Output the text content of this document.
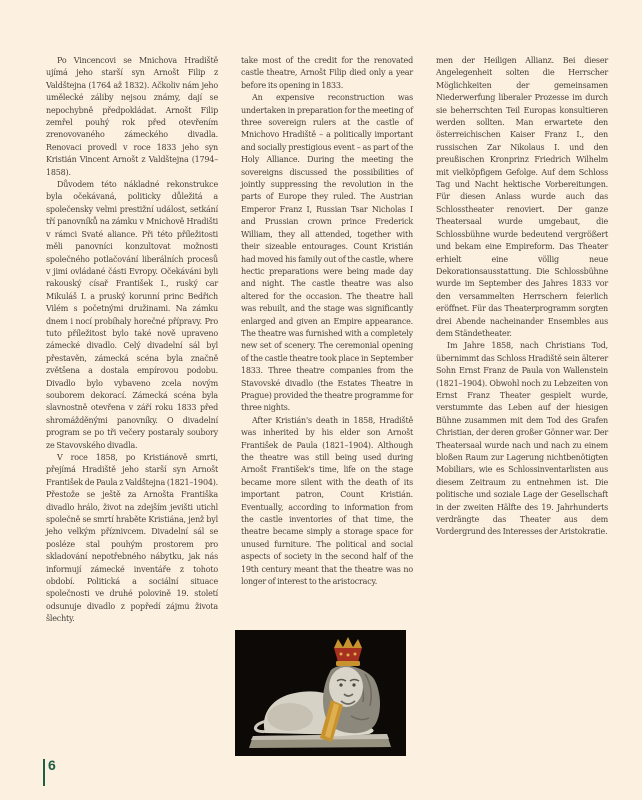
Po Vincencovi se Mnichova Hradiště ujímá jeho starší syn Arnošt Filip z Valdštejna (1764 až 1832). Ačkoliv nám jeho umělecké záliby nejsou známy, dají se nepochybně předpokládat. Arnošt Filip zemřel pouhý rok před otevřením zrenovovaného zámeckého divadla. Renovaci provedl v roce 1833 jeho syn Kristián Vincent Arnošt z Valdštejna (1794–1858).

Důvodem této nákladné rekonstrukce byla očekávaná, politicky důležitá a společensky velmi prestižní událost, setkání tří panovníků na zámku v Mnichově Hradišti v rámci Svaté aliance. Při této příležitosti měli panovníci konzultovat možnosti společného potlačování liberálních procesů v jimi ovládané části Evropy. Očekáváni byli rakouský císař František I., ruský car Mikuláš I. a pruský korunní princ Bedřich Vilém s početnými družinami. Na zámku dnem i nocí probíhaly horečné přípravy. Pro tuto příležitost bylo také nově upraveno zámecké divadlo. Celý divadelní sál byl přestavěn, zámecká scéna byla značně zvětšena a dostala empírovou podobu. Divadlo bylo vybaveno zcela novým souborem dekorací. Zámecká scéna byla slavnostně otevřena v září roku 1833 před shromážděnými panovníky. O divadelní program se po tři večery postaraly soubory ze Stavovského divadla.

V roce 1858, po Kristiánově smrti, přejímá Hradiště jeho starší syn Arnošt František de Paula z Valdštejna (1821–1904). Přestože se ještě za Arnošta Františka divadlo hrálo, život na zdejším jevišti utichl společně se smrtí hraběte Kristiána, jenž byl jeho velkým příznivcem. Divadelní sál se posléze stal pouhým prostorem pro skladování nepotřebného nábytku, jak nás informují zámecké inventáře z tohoto období. Politická a sociální situace společnosti ve druhé polovině 19. století odsunuje divadlo z popředí zájmu života šlechty.

take most of the credit for the renovated castle theatre, Arnošt Filip died only a year before its opening in 1833.

An expensive reconstruction was undertaken in preparation for the meeting of three sovereign rulers at the castle of Mnichovo Hradiště – a politically important and socially prestigious event – as part of the Holy Alliance. During the meeting the sovereigns discussed the possibilities of jointly suppressing the revolution in the parts of Europe they ruled. The Austrian Emperor Franz I, Russian Tsar Nicholas I and Prussian crown prince Frederick William, they all attended, together with their sizeable entourages. Count Kristián had moved his family out of the castle, where hectic preparations were being made day and night. The castle theatre was also altered for the occasion. The theatre hall was rebuilt, and the stage was significantly enlarged and given an Empire appearance. The theatre was furnished with a completely new set of scenery. The ceremonial opening of the castle theatre took place in September 1833. Three theatre companies from the Stavovské divadlo (the Estates Theatre in Prague) provided the theatre programme for three nights.

After Kristián's death in 1858, Hradiště was inherited by his elder son Arnošt František de Paula (1821–1904). Although the theatre was still being used during Arnošt František's time, life on the stage became more silent with the death of its important patron, Count Kristián. Eventually, according to information from the castle inventories of that time, the theatre became simply a storage space for unused furniture. The political and social aspects of society in the second half of the 19th century meant that the theatre was no longer of interest to the aristocracy.

men der Heiligen Allianz. Bei dieser Angelegenheit solten die Herrscher Möglichkeiten der gemeinsamen Niederwerfung liberaler Prozesse im durch sie beherrschten Teil Europas konsultieren werden sollten. Man erwartete den österreichischen Kaiser Franz I., den russischen Zar Nikolaus I. und den preußischen Kronprinz Friedrich Wilhelm mit vielköpfigem Gefolge. Auf dem Schloss Tag und Nacht hektische Vorbereitungen. Für diesen Anlass wurde auch das Schlosstheater renoviert. Der ganze Theatersaal wurde umgebaut, die Schlossbühne wurde bedeutend vergrößert und bekam eine Empireform. Das Theater erhielt eine völlig neue Dekorationsausstattung. Die Schlossbühne wurde im September des Jahres 1833 vor den versammelten Herrschern feierlich eröffnet. Für das Theaterprogramm sorgten drei Abende nacheinander Ensembles aus dem Ständetheater.

Im Jahre 1858, nach Christians Tod, übernimmt das Schloss Hradiště sein älterer Sohn Ernst Franz de Paula von Wallenstein (1821–1904). Obwohl noch zu Lebzeiten von Ernst Franz Theater gespielt wurde, verstummte das Leben auf der hiesigen Bühne zusammen mit dem Tod des Grafen Christian, der deren großer Gönner war. Der Theatersaal wurde nach und nach zu einem bloßen Raum zur Lagerung nichtbenötigten Mobiliars, wie es Schlossinventarlisten aus diesem Zeitraum zu entnehmen ist. Die politische und soziale Lage der Gesellschaft in der zweiten Hälfte des 19. Jahrhunderts verdrängte das Theater aus dem Vordergrund des Interesses der Aristokratie.

6
